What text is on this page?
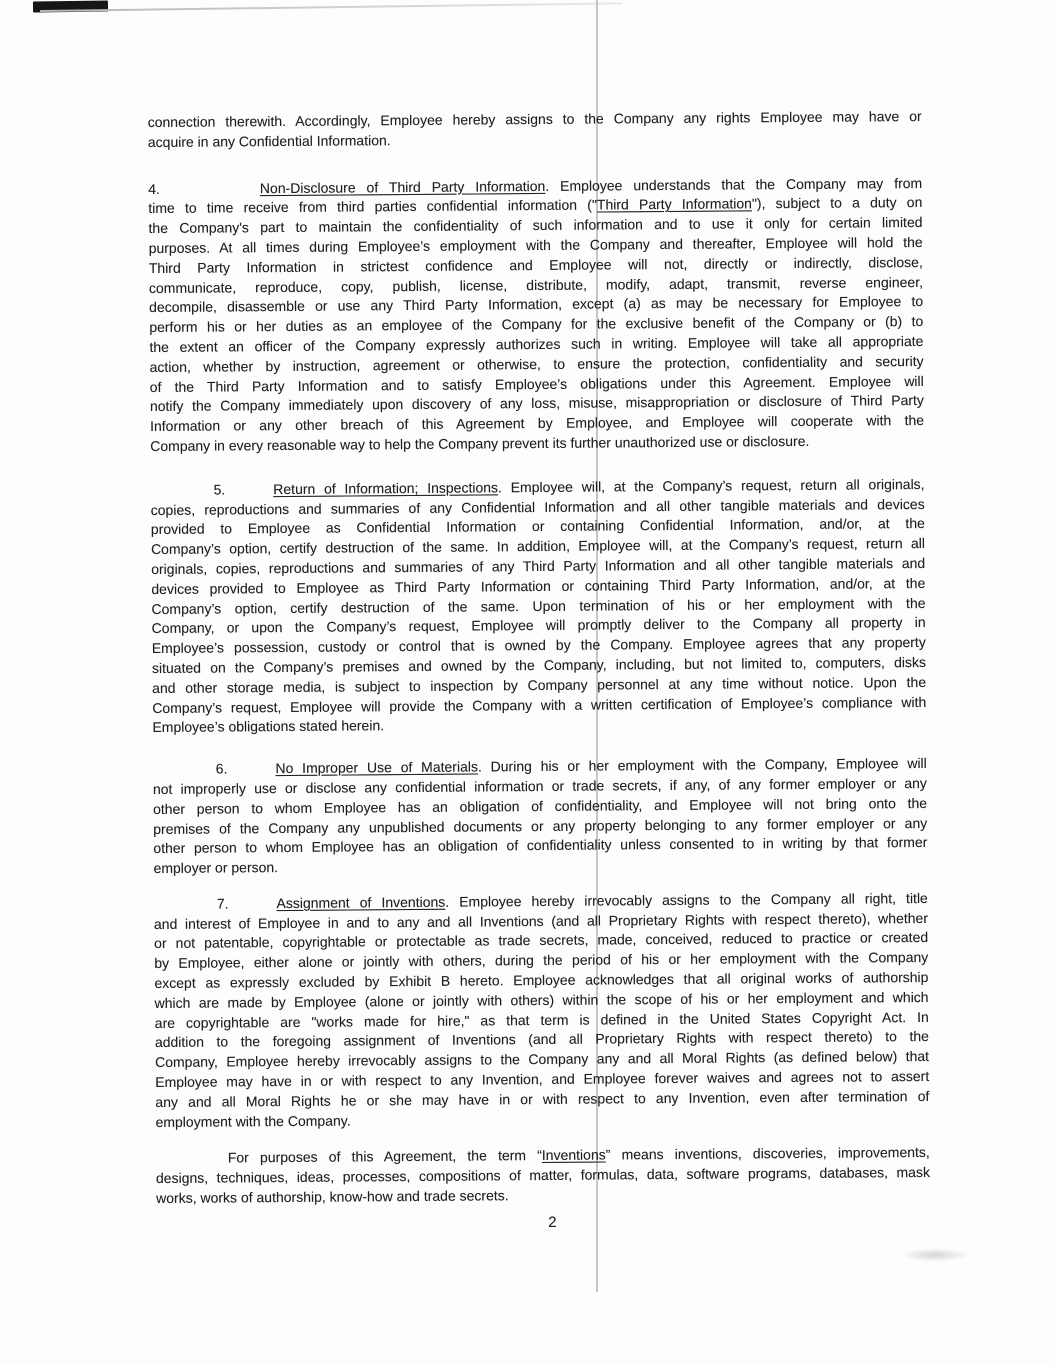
connection therewith. Accordingly, Employee hereby assigns to the Company any rights Employee may have or
acquire in any Confidential Information.
4.	Non-Disclosure of Third Party Information. Employee understands that the Company may from
time to time receive from third parties confidential information ("Third Party Information"), subject to a duty on
the Company's part to maintain the confidentiality of such information and to use it only for certain limited
purposes. At all times during Employee’s employment with the Company and thereafter, Employee will hold the
Third Party Information in strictest confidence and Employee will not, directly or indirectly, disclose,
communicate, reproduce, copy, publish, license, distribute, modify, adapt, transmit, reverse engineer,
decompile, disassemble or use any Third Party Information, except (a) as may be necessary for Employee to
perform his or her duties as an employee of the Company for the exclusive benefit of the Company or (b) to
the extent an officer of the Company expressly authorizes such in writing. Employee will take all appropriate
action, whether by instruction, agreement or otherwise, to ensure the protection, confidentiality and security
of the Third Party Information and to satisfy Employee’s obligations under this Agreement. Employee will
notify the Company immediately upon discovery of any loss, misuse, misappropriation or disclosure of Third Party
Information or any other breach of this Agreement by Employee, and Employee will cooperate with the
Company in every reasonable way to help the Company prevent its further unauthorized use or disclosure.
5.	Return of Information; Inspections. Employee will, at the Company’s request, return all originals,
copies, reproductions and summaries of any Confidential Information and all other tangible materials and devices
provided to Employee as Confidential Information or containing Confidential Information, and/or, at the
Company’s option, certify destruction of the same. In addition, Employee will, at the Company’s request, return all
originals, copies, reproductions and summaries of any Third Party Information and all other tangible materials and
devices provided to Employee as Third Party Information or containing Third Party Information, and/or, at the
Company’s option, certify destruction of the same. Upon termination of his or her employment with the
Company, or upon the Company’s request, Employee will promptly deliver to the Company all property in
Employee’s possession, custody or control that is owned by the Company. Employee agrees that any property
situated on the Company’s premises and owned by the Company, including, but not limited to, computers, disks
and other storage media, is subject to inspection by Company personnel at any time without notice. Upon the
Company’s request, Employee will provide the Company with a written certification of Employee’s compliance with
Employee’s obligations stated herein.
6.	No Improper Use of Materials. During his or her employment with the Company, Employee will
not improperly use or disclose any confidential information or trade secrets, if any, of any former employer or any
other person to whom Employee has an obligation of confidentiality, and Employee will not bring onto the
premises of the Company any unpublished documents or any property belonging to any former employer or any
other person to whom Employee has an obligation of confidentiality unless consented to in writing by that former
employer or person.
7.	Assignment of Inventions. Employee hereby irrevocably assigns to the Company all right, title
and interest of Employee in and to any and all Inventions (and all Proprietary Rights with respect thereto), whether
or not patentable, copyrightable or protectable as trade secrets, made, conceived, reduced to practice or created
by Employee, either alone or jointly with others, during the period of his or her employment with the Company
except as expressly excluded by Exhibit B hereto. Employee acknowledges that all original works of authorship
which are made by Employee (alone or jointly with others) within the scope of his or her employment and which
are copyrightable are "works made for hire," as that term is defined in the United States Copyright Act. In
addition to the foregoing assignment of Inventions (and all Proprietary Rights with respect thereto) to the
Company, Employee hereby irrevocably assigns to the Company any and all Moral Rights (as defined below) that
Employee may have in or with respect to any Invention, and Employee forever waives and agrees not to assert
any and all Moral Rights he or she may have in or with respect to any Invention, even after termination of
employment with the Company.
For purposes of this Agreement, the term “Inventions” means inventions, discoveries, improvements,
designs, techniques, ideas, processes, compositions of matter, formulas, data, software programs, databases, mask
works, works of authorship, know-how and trade secrets.
2
